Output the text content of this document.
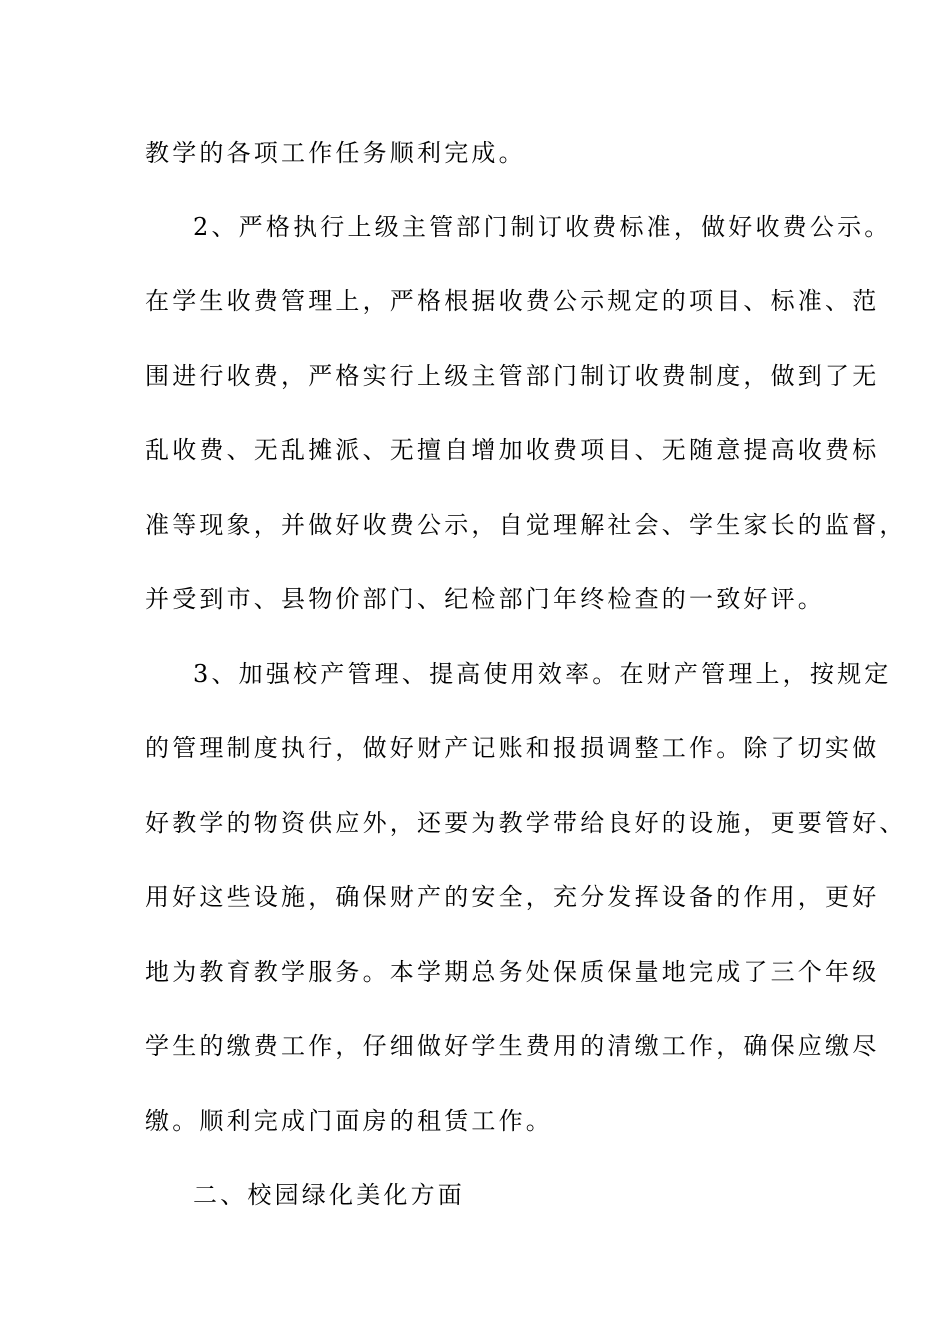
教学的各项工作任务顺利完成。
2、严格执行上级主管部门制订收费标准，做好收费公示。
在学生收费管理上，严格根据收费公示规定的项目、标准、范
围进行收费，严格实行上级主管部门制订收费制度，做到了无
乱收费、无乱摊派、无擅自增加收费项目、无随意提高收费标
准等现象，并做好收费公示，自觉理解社会、学生家长的监督，
并受到市、县物价部门、纪检部门年终检查的一致好评。
3、加强校产管理、提高使用效率。在财产管理上，按规定
的管理制度执行，做好财产记账和报损调整工作。除了切实做
好教学的物资供应外，还要为教学带给良好的设施，更要管好、
用好这些设施，确保财产的安全，充分发挥设备的作用，更好
地为教育教学服务。本学期总务处保质保量地完成了三个年级
学生的缴费工作，仔细做好学生费用的清缴工作，确保应缴尽
缴。顺利完成门面房的租赁工作。
二、校园绿化美化方面
